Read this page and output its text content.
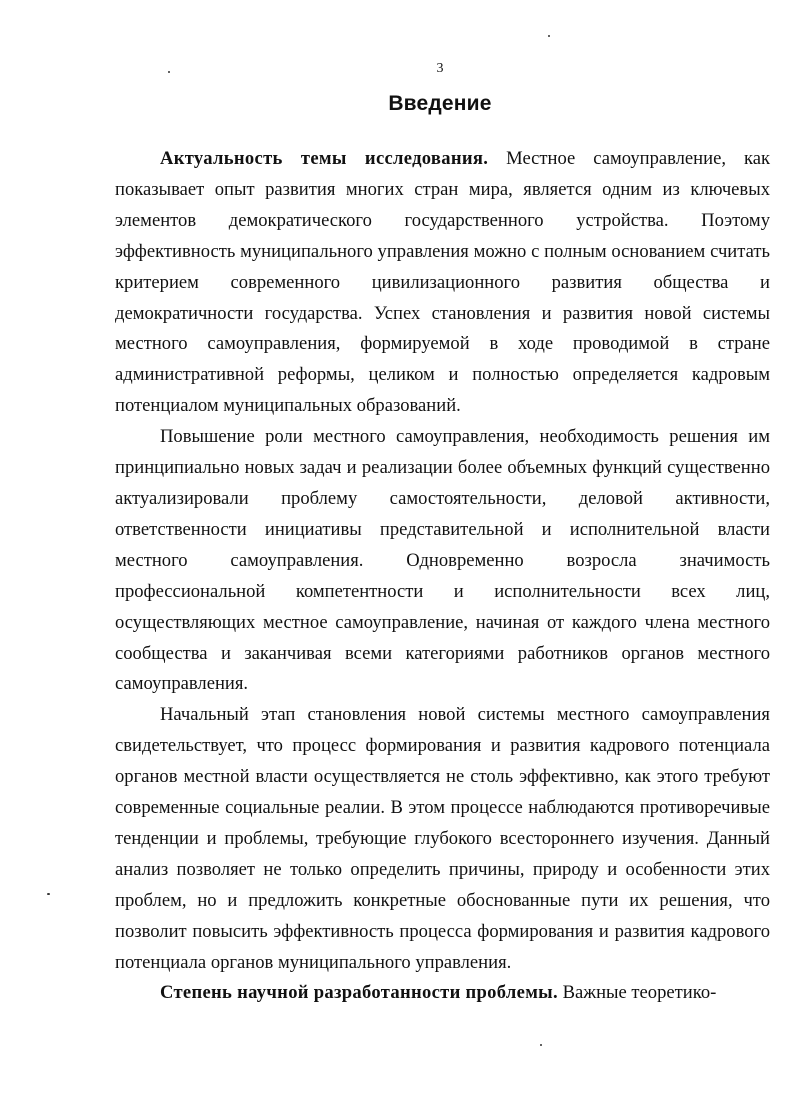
3
Введение

Актуальность темы исследования. Местное самоуправление, как показывает опыт развития многих стран мира, является одним из ключевых элементов демократического государственного устройства. Поэтому эффективность муниципального управления можно с полным основанием считать критерием современного цивилизационного развития общества и демократичности государства. Успех становления и развития новой системы местного самоуправления, формируемой в ходе проводимой в стране административной реформы, целиком и полностью определяется кадровым потенциалом муниципальных образований.

Повышение роли местного самоуправления, необходимость решения им принципиально новых задач и реализации более объемных функций существенно актуализировали проблему самостоятельности, деловой активности, ответственности инициативы представительной и исполнительной власти местного самоуправления. Одновременно возросла значимость профессиональной компетентности и исполнительности всех лиц, осуществляющих местное самоуправление, начиная от каждого члена местного сообщества и заканчивая всеми категориями работников органов местного самоуправления.

Начальный этап становления новой системы местного самоуправления свидетельствует, что процесс формирования и развития кадрового потенциала органов местной власти осуществляется не столь эффективно, как этого требуют современные социальные реалии. В этом процессе наблюдаются противоречивые тенденции и проблемы, требующие глубокого всестороннего изучения. Данный анализ позволяет не только определить причины, природу и особенности этих проблем, но и предложить конкретные обоснованные пути их решения, что позволит повысить эффективность процесса формирования и развития кадрового потенциала органов муниципального управления.

Степень научной разработанности проблемы. Важные теоретико-
